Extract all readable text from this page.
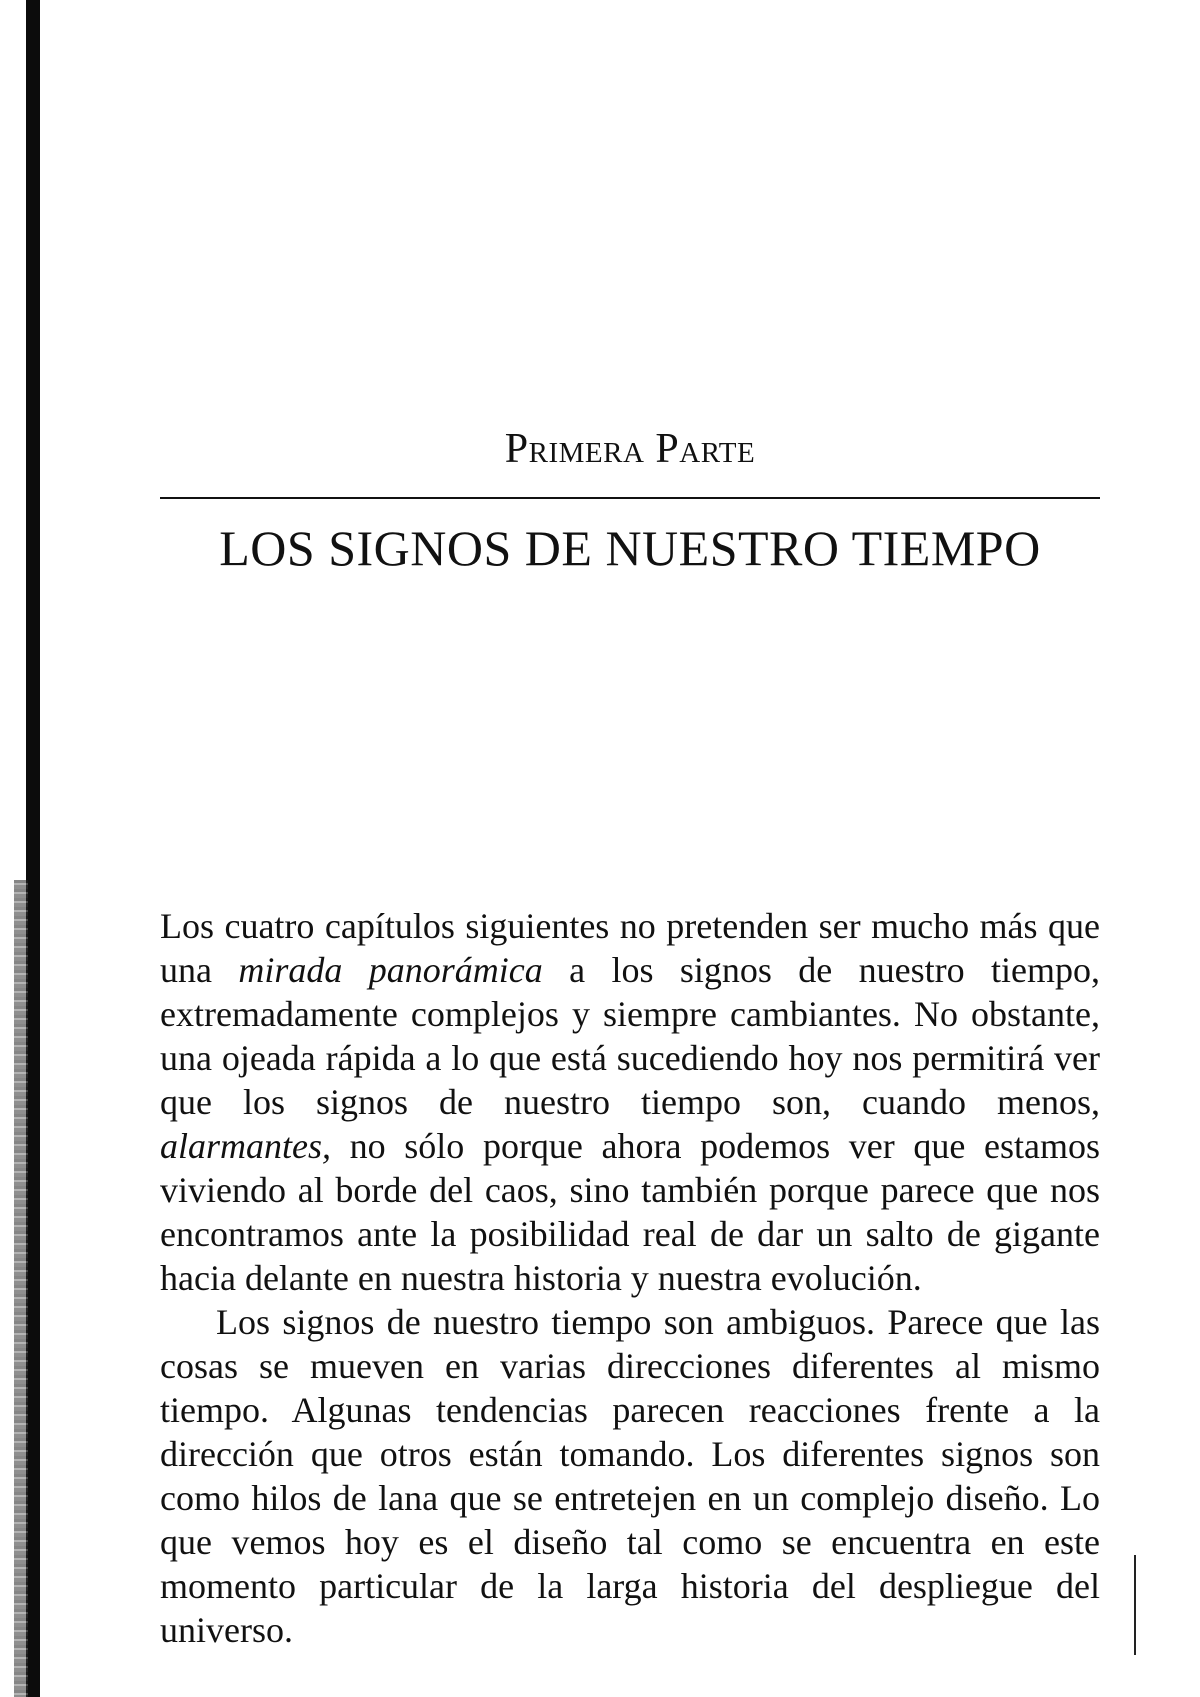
Primera Parte
LOS SIGNOS DE NUESTRO TIEMPO

Los cuatro capítulos siguientes no pretenden ser mucho más que una mirada panorámica a los signos de nuestro tiempo, extremadamente complejos y siempre cambiantes. No obstante, una ojeada rápida a lo que está sucediendo hoy nos permitirá ver que los signos de nuestro tiempo son, cuando menos, alarmantes, no sólo porque ahora podemos ver que estamos viviendo al borde del caos, sino también porque parece que nos encontramos ante la posibilidad real de dar un salto de gigante hacia delante en nuestra historia y nuestra evolución.

Los signos de nuestro tiempo son ambiguos. Parece que las cosas se mueven en varias direcciones diferentes al mismo tiempo. Algunas tendencias parecen reacciones frente a la dirección que otros están tomando. Los diferentes signos son como hilos de lana que se entretejen en un complejo diseño. Lo que vemos hoy es el diseño tal como se encuentra en este momento particular de la larga historia del despliegue del universo.
